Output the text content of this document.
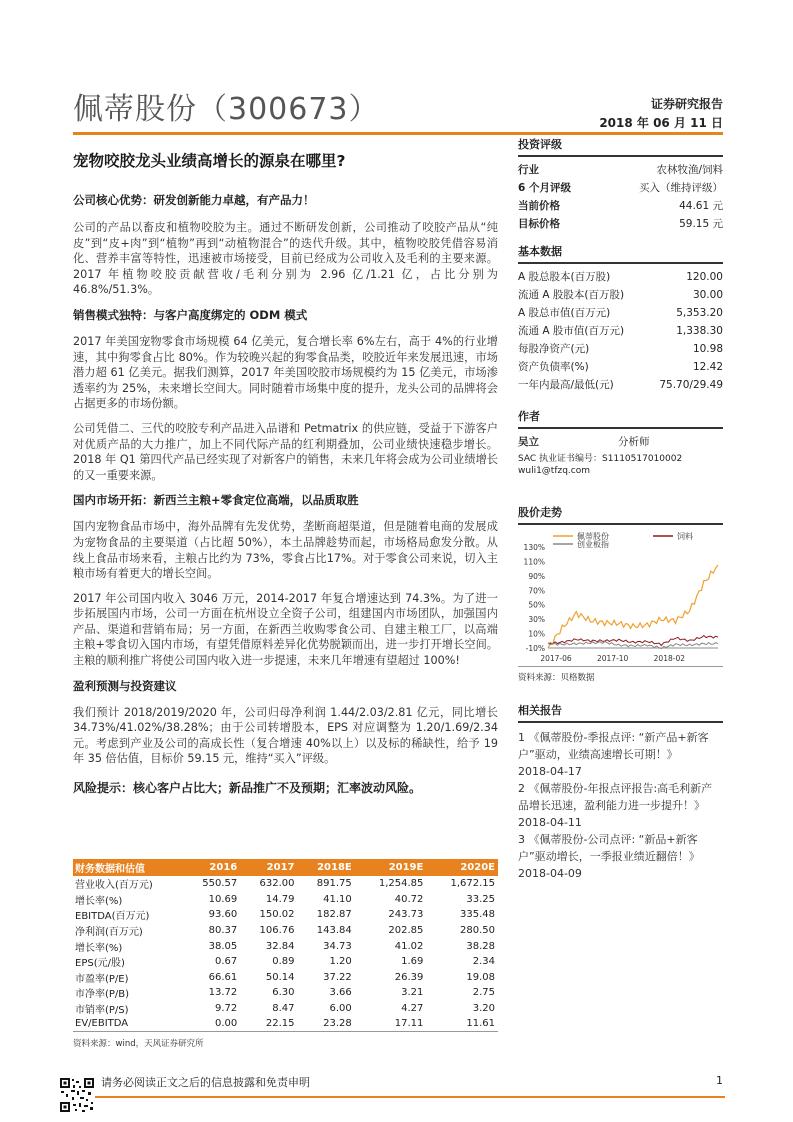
佩蒂股份（300673）	证券研究报告
2018 年 06 月 11 日
宠物咬胶龙头业绩高增长的源泉在哪里?
公司核心优势：研发创新能力卓越，有产品力！
公司的产品以畜皮和植物咬胶为主。通过不断研发创新，公司推动了咬胶产品从“纯皮”到“皮+肉”到“植物”再到“动植物混合”的迭代升级。其中，植物咬胶凭借容易消化、营养丰富等特性，迅速被市场接受，目前已经成为公司收入及毛利的主要来源。2017 年植物咬胶贡献营收/毛利分别为 2.96 亿/1.21 亿，占比分别为 46.8%/51.3%。
销售模式独特：与客户高度绑定的 ODM 模式
2017 年美国宠物零食市场规模 64 亿美元，复合增长率 6%左右，高于 4%的行业增速，其中狗零食占比 80%。作为较晚兴起的狗零食品类，咬胶近年来发展迅速，市场潜力超 61 亿美元。据我们测算，2017 年美国咬胶市场规模约为 15 亿美元，市场渗透率约为 25%，未来增长空间大。同时随着市场集中度的提升，龙头公司的品牌将会占据更多的市场份额。
公司凭借二、三代的咬胶专利产品进入品谱和 Petmatrix 的供应链，受益于下游客户对优质产品的大力推广，加上不同代际产品的红利期叠加，公司业绩快速稳步增长。2018 年 Q1 第四代产品已经实现了对新客户的销售，未来几年将会成为公司业绩增长的又一重要来源。
国内市场开拓：新西兰主粮+零食定位高端，以品质取胜
国内宠物食品市场中，海外品牌有先发优势，垄断商超渠道，但是随着电商的发展成为宠物食品的主要渠道（占比超 50%），本土品牌趁势而起，市场格局愈发分散。从线上食品市场来看，主粮占比约为 73%，零食占比17%。对于零食公司来说，切入主粮市场有着更大的增长空间。
2017 年公司国内收入 3046 万元，2014-2017 年复合增速达到 74.3%。为了进一步拓展国内市场，公司一方面在杭州设立全资子公司，组建国内市场团队，加强国内产品、渠道和营销布局；另一方面，在新西兰收购零食公司、自建主粮工厂，以高端主粮+零食切入国内市场，有望凭借原料差异化优势脱颖而出，进一步打开增长空间。主粮的顺利推广将使公司国内收入进一步提速，未来几年增速有望超过 100%!
盈利预测与投资建议
我们预计 2018/2019/2020 年，公司归母净利润 1.44/2.03/2.81 亿元，同比增长 34.73%/41.02%/38.28%；由于公司转增股本，EPS 对应调整为 1.20/1.69/2.34 元。考虑到产业及公司的高成长性（复合增速 40%以上）以及标的稀缺性，给予 19 年 35 倍估值，目标价 59.15 元，维持“买入”评级。
风险提示：核心客户占比大；新品推广不及预期；汇率波动风险。
财务数据和估值	2016	2017	2018E	2019E	2020E
营业收入(百万元)	550.57	632.00	891.75	1,254.85	1,672.15
增长率(%)	10.69	14.79	41.10	40.72	33.25
EBITDA(百万元)	93.60	150.02	182.87	243.73	335.48
净利润(百万元)	80.37	106.76	143.84	202.85	280.50
增长率(%)	38.05	32.84	34.73	41.02	38.28
EPS(元/股)	0.67	0.89	1.20	1.69	2.34
市盈率(P/E)	66.61	50.14	37.22	26.39	19.08
市净率(P/B)	13.72	6.30	3.66	3.21	2.75
市销率(P/S)	9.72	8.47	6.00	4.27	3.20
EV/EBITDA	0.00	22.15	23.28	17.11	11.61
资料来源：wind，天风证券研究所
投资评级
行业	农林牧渔/饲料
6 个月评级	买入（维持评级）
当前价格	44.61 元
目标价格	59.15 元
基本数据
A 股总股本(百万股)	120.00
流通 A 股股本(百万股)	30.00
A 股总市值(百万元)	5,353.20
流通 A 股市值(百万元)	1,338.30
每股净资产(元)	10.98
资产负债率(%)	12.42
一年内最高/最低(元)	75.70/29.49
作者
吴立	分析师
SAC 执业证书编号：S1110517010002
wuli1@tfzq.com
股价走势
130%
110%
90%
70%
50%
30%
10%
-10%
2017-06	2017-10	2018-02
佩蒂股份	饲料
创业板指
资料来源：贝格数据
相关报告
1 《佩蒂股份-季报点评: “新产品+新客户”驱动，业绩高速增长可期！》
2018-04-17
2 《佩蒂股份-年报点评报告:高毛利新产品增长迅速，盈利能力进一步提升！》
2018-04-11
3 《佩蒂股份-公司点评: “新品+新客户”驱动增长，一季报业绩近翻倍！》
2018-04-09
请务必阅读正文之后的信息披露和免责申明	1
